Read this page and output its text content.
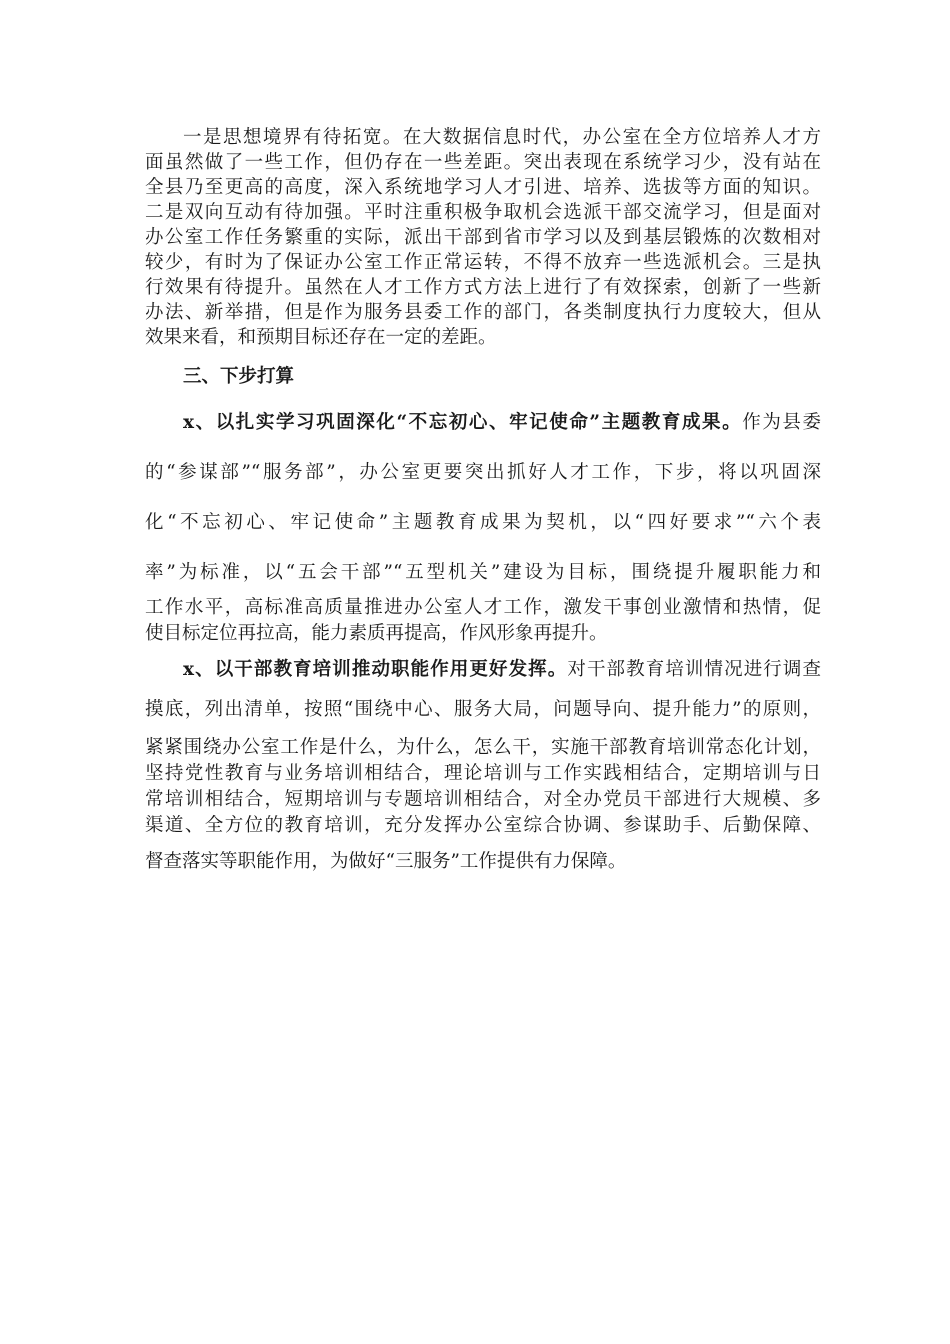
一是思想境界有待拓宽。在大数据信息时代，办公室在全方位培养人才方
面虽然做了一些工作，但仍存在一些差距。突出表现在系统学习少，没有站在
全县乃至更高的高度，深入系统地学习人才引进、培养、选拔等方面的知识。
二是双向互动有待加强。平时注重积极争取机会选派干部交流学习，但是面对
办公室工作任务繁重的实际，派出干部到省市学习以及到基层锻炼的次数相对
较少，有时为了保证办公室工作正常运转，不得不放弃一些选派机会。三是执
行效果有待提升。虽然在人才工作方式方法上进行了有效探索，创新了一些新
办法、新举措，但是作为服务县委工作的部门，各类制度执行力度较大，但从
效果来看，和预期目标还存在一定的差距。
三、下步打算
x、以扎实学习巩固深化“不忘初心、牢记使命”主题教育成果。作为县委
的“参谋部”“服务部”，办公室更要突出抓好人才工作，下步，将以巩固深
化“不忘初心、牢记使命”主题教育成果为契机，以“四好要求”“六个表
率”为标准，以“五会干部”“五型机关”建设为目标，围绕提升履职能力和
工作水平，高标准高质量推进办公室人才工作，激发干事创业激情和热情，促
使目标定位再拉高，能力素质再提高，作风形象再提升。
x、以干部教育培训推动职能作用更好发挥。对干部教育培训情况进行调查
摸底，列出清单，按照“围绕中心、服务大局，问题导向、提升能力”的原则，
紧紧围绕办公室工作是什么，为什么，怎么干，实施干部教育培训常态化计划，
坚持党性教育与业务培训相结合，理论培训与工作实践相结合，定期培训与日
常培训相结合，短期培训与专题培训相结合，对全办党员干部进行大规模、多
渠道、全方位的教育培训，充分发挥办公室综合协调、参谋助手、后勤保障、
督查落实等职能作用，为做好“三服务”工作提供有力保障。
